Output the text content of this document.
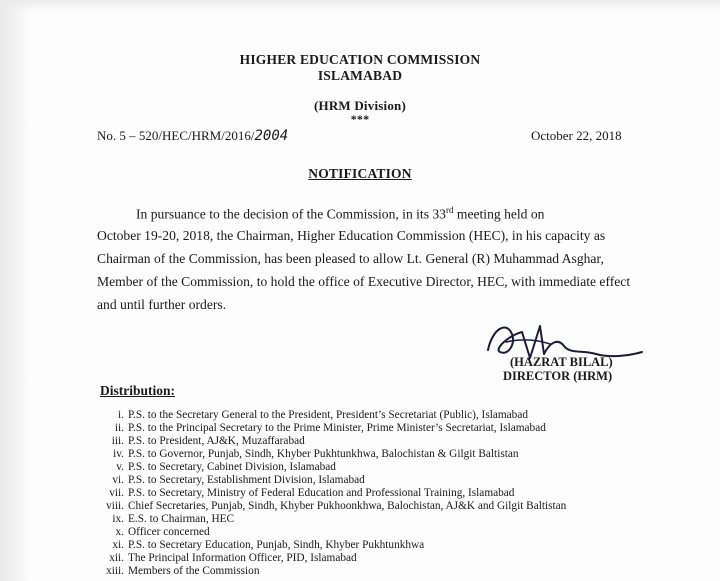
HIGHER EDUCATION COMMISSION
ISLAMABAD
(HRM Division)
***
No. 5 – 520/HEC/HRM/2016/2004	October 22, 2018
NOTIFICATION
In pursuance to the decision of the Commission, in its 33rd meeting held on
October 19-20, 2018, the Chairman, Higher Education Commission (HEC), in his capacity as
Chairman of the Commission, has been pleased to allow Lt. General (R) Muhammad Asghar,
Member of the Commission, to hold the office of Executive Director, HEC, with immediate effect
and until further orders.
(HAZRAT BILAL)
DIRECTOR (HRM)
Distribution:
i. P.S. to the Secretary General to the President, President’s Secretariat (Public), Islamabad
ii. P.S. to the Principal Secretary to the Prime Minister, Prime Minister’s Secretariat, Islamabad
iii. P.S. to President, AJ&K, Muzaffarabad
iv. P.S. to Governor, Punjab, Sindh, Khyber Pukhtunkhwa, Balochistan & Gilgit Baltistan
v. P.S. to Secretary, Cabinet Division, Islamabad
vi. P.S. to Secretary, Establishment Division, Islamabad
vii. P.S. to Secretary, Ministry of Federal Education and Professional Training, Islamabad
viii. Chief Secretaries, Punjab, Sindh, Khyber Pukhoonkhwa, Balochistan, AJ&K and Gilgit Baltistan
ix. E.S. to Chairman, HEC
x. Officer concerned
xi. P.S. to Secretary Education, Punjab, Sindh, Khyber Pukhtunkhwa
xii. The Principal Information Officer, PID, Islamabad
xiii. Members of the Commission
